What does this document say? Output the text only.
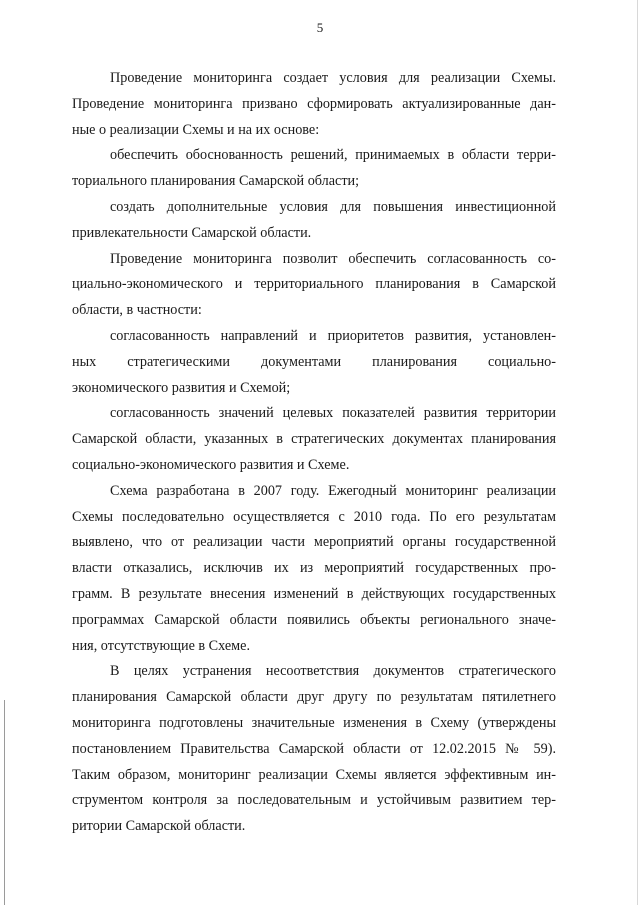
5
Проведение мониторинга создает условия для реализации Схемы.
Проведение мониторинга призвано сформировать актуализированные дан-
ные о реализации Схемы и на их основе:
обеспечить обоснованность решений, принимаемых в области терри-
ториального планирования Самарской области;
создать дополнительные условия для повышения инвестиционной
привлекательности Самарской области.
Проведение мониторинга позволит обеспечить согласованность со-
циально-экономического и территориального планирования в Самарской
области, в частности:
согласованность направлений и приоритетов развития, установлен-
ных стратегическими документами планирования социально-
экономического развития и Схемой;
согласованность значений целевых показателей развития территории
Самарской области, указанных в стратегических документах планирования
социально-экономического развития и Схеме.
Схема разработана в 2007 году. Ежегодный мониторинг реализации
Схемы последовательно осуществляется с 2010 года. По его результатам
выявлено, что от реализации части мероприятий органы государственной
власти отказались, исключив их из мероприятий государственных про-
грамм. В результате внесения изменений в действующих государственных
программах Самарской области появились объекты регионального значе-
ния, отсутствующие в Схеме.
В целях устранения несоответствия документов стратегического
планирования Самарской области друг другу по результатам пятилетнего
мониторинга подготовлены значительные изменения в Схему (утверждены
постановлением Правительства Самарской области от 12.02.2015 № 59).
Таким образом, мониторинг реализации Схемы является эффективным ин-
струментом контроля за последовательным и устойчивым развитием тер-
ритории Самарской области.
